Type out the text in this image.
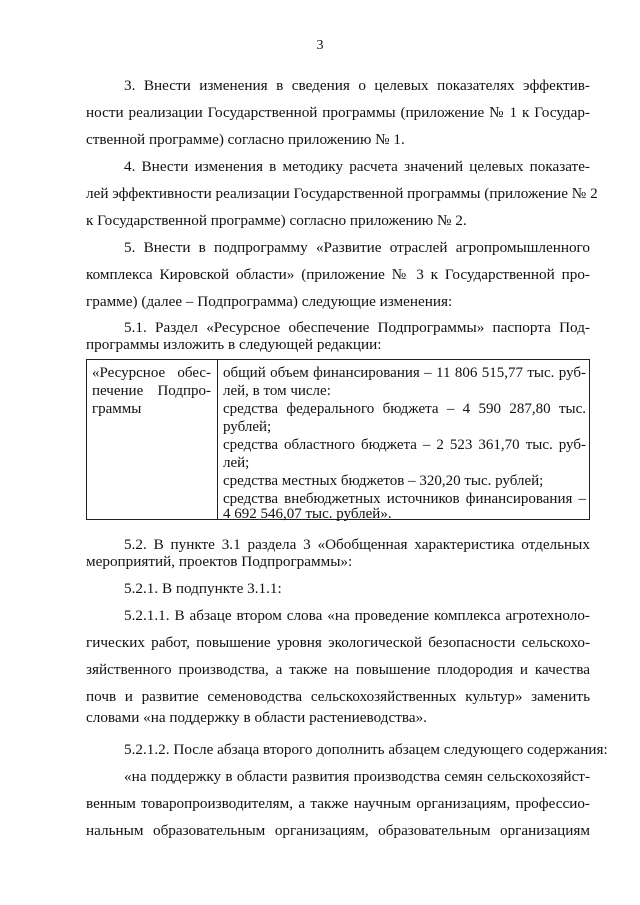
3
3. Внести изменения в сведения о целевых показателях эффектив-
ности реализации Государственной программы (приложение № 1 к Государ-
ственной программе) согласно приложению № 1.
4. Внести изменения в методику расчета значений целевых показате-
лей эффективности реализации Государственной программы (приложение № 2
к Государственной программе) согласно приложению № 2.
5. Внести в подпрограмму «Развитие отраслей агропромышленного
комплекса Кировской области» (приложение № 3 к Государственной про-
грамме) (далее – Подпрограмма) следующие изменения:
5.1. Раздел «Ресурсное обеспечение Подпрограммы» паспорта Под-
программы изложить в следующей редакции:
«Ресурсное обес-
печение Подпро-
граммы
общий объем финансирования – 11 806 515,77 тыс. руб-
лей, в том числе:
средства федерального бюджета – 4 590 287,80 тыс.
рублей;
средства областного бюджета – 2 523 361,70 тыс. руб-
лей;
средства местных бюджетов – 320,20 тыс. рублей;
средства внебюджетных источников финансирования –
4 692 546,07 тыс. рублей».
5.2. В пункте 3.1 раздела 3 «Обобщенная характеристика отдельных
мероприятий, проектов Подпрограммы»:
5.2.1. В подпункте 3.1.1:
5.2.1.1. В абзаце втором слова «на проведение комплекса агротехноло-
гических работ, повышение уровня экологической безопасности сельскохо-
зяйственного производства, а также на повышение плодородия и качества
почв и развитие семеноводства сельскохозяйственных культур» заменить
словами «на поддержку в области растениеводства».
5.2.1.2. После абзаца второго дополнить абзацем следующего содержания:
«на поддержку в области развития производства семян сельскохозяйст-
венным товаропроизводителям, а также научным организациям, профессио-
нальным образовательным организациям, образовательным организациям
